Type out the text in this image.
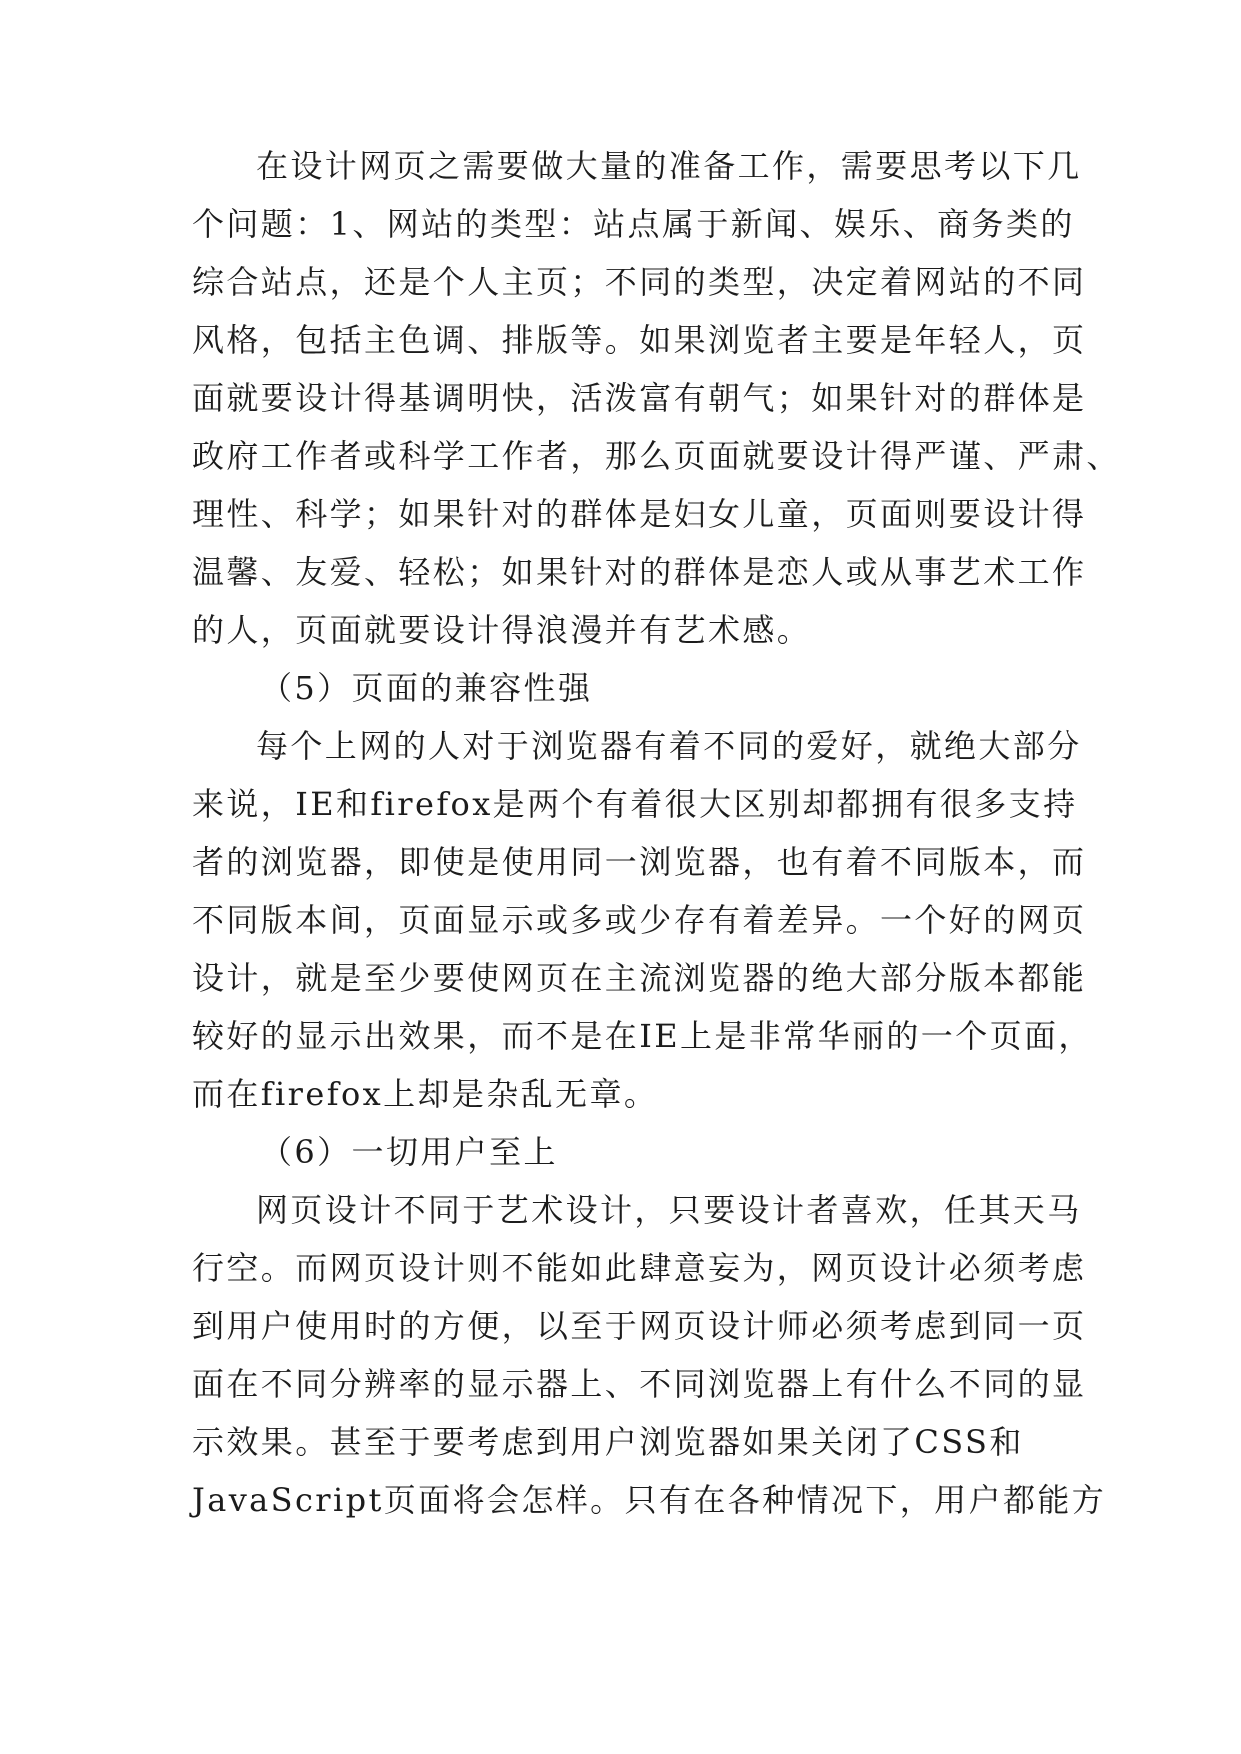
在设计网页之需要做大量的准备工作，需要思考以下几
个问题：1、网站的类型：站点属于新闻、娱乐、商务类的
综合站点，还是个人主页；不同的类型，决定着网站的不同
风格，包括主色调、排版等。如果浏览者主要是年轻人，页
面就要设计得基调明快，活泼富有朝气；如果针对的群体是
政府工作者或科学工作者，那么页面就要设计得严谨、严肃、
理性、科学；如果针对的群体是妇女儿童，页面则要设计得
温馨、友爱、轻松；如果针对的群体是恋人或从事艺术工作
的人，页面就要设计得浪漫并有艺术感。
（5）页面的兼容性强
每个上网的人对于浏览器有着不同的爱好，就绝大部分
来说，IE和firefox是两个有着很大区别却都拥有很多支持
者的浏览器，即使是使用同一浏览器，也有着不同版本，而
不同版本间，页面显示或多或少存有着差异。一个好的网页
设计，就是至少要使网页在主流浏览器的绝大部分版本都能
较好的显示出效果，而不是在IE上是非常华丽的一个页面，
而在firefox上却是杂乱无章。
（6）一切用户至上
网页设计不同于艺术设计，只要设计者喜欢，任其天马
行空。而网页设计则不能如此肆意妄为，网页设计必须考虑
到用户使用时的方便，以至于网页设计师必须考虑到同一页
面在不同分辨率的显示器上、不同浏览器上有什么不同的显
示效果。甚至于要考虑到用户浏览器如果关闭了CSS和
JavaScript页面将会怎样。只有在各种情况下，用户都能方
